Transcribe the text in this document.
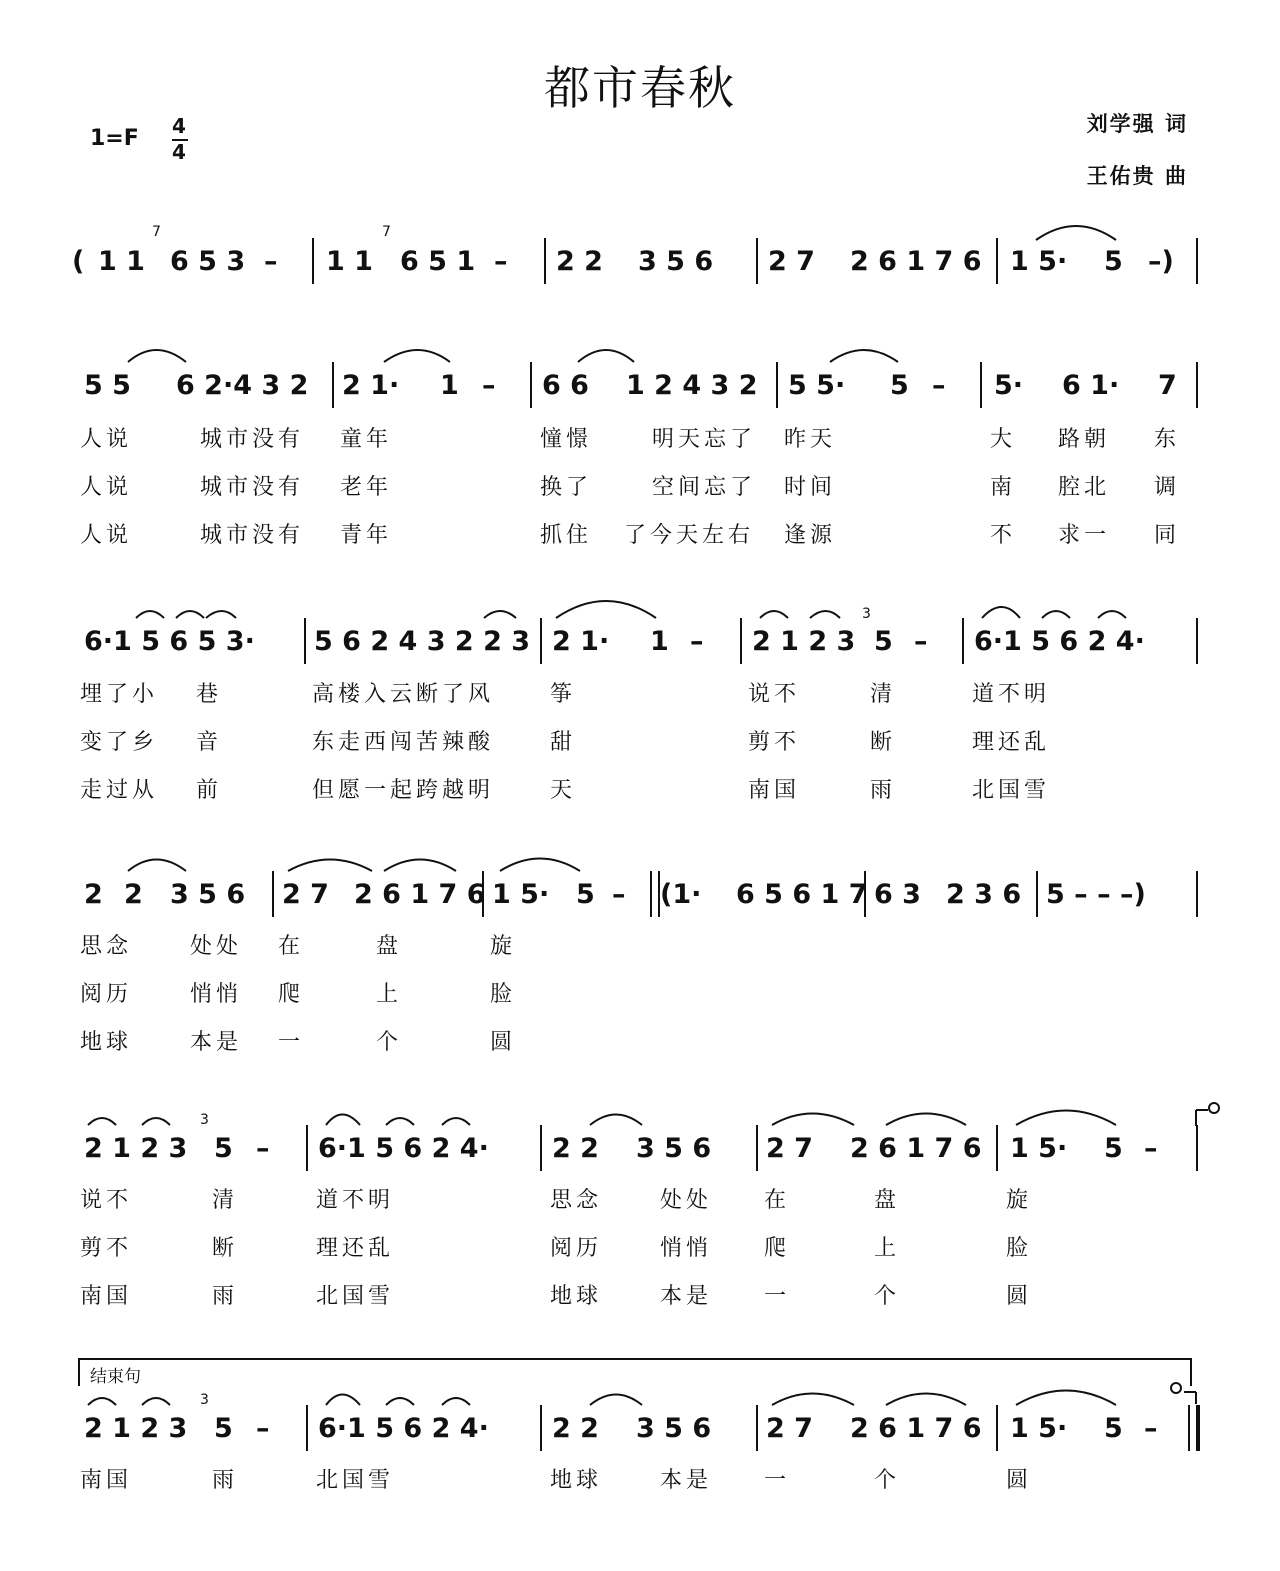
都市春秋
1=F 4
4
刘学强 词
王佑贵 曲
( 1 1 6 5 3 – 1 1 6 5 1 – 2 2 3 5 6 2 7 2 6 1 7 6 1 5· 5 –)
7	7
5 5 6 2·4 3 2 2 1· 1 – 6 6 1 2 4 3 2 5 5· 5 – 5· 6 1· 7
人说	城市没有 童年	憧憬	明天忘了 昨天	大 路朝 东
人说	城市没有 老年	换了	空间忘了 时间	南 腔北 调
人说	城市没有 青年	抓住 了今天左右 逢源	不 求一 同
6·1 5 6 5 3· 5 6 2 4 3 2 2 3 2 1· 1 – 2 1 2 3 5 – 6·1 5 6 2 4·
3
埋了小 巷	高楼入云断了风	筝	说不	清	道不明
变了乡 音	东走西闯苦辣酸	甜	剪不	断	理还乱
走过从 前	但愿一起跨越明	天	南国	雨	北国雪
2 2 3 5 6 2 7 2 6 1 7 6 1 5· 5 – (1· 6 5 6 1 7 6 3 2 3 6 5 – – –)
思念	处处 在	盘	旋
阅历	悄悄 爬	上	脸
地球	本是 一	个	圆
2 1 2 3 5 – 6·1 5 6 2 4· 2 2 3 5 6 2 7 2 6 1 7 6 1 5· 5 –
3
说不	清	道不明	思念	处处 在	盘	旋
剪不	断	理还乱	阅历	悄悄 爬	上	脸
南国	雨	北国雪	地球	本是 一	个	圆
结束句
2 1 2 3 5 – 6·1 5 6 2 4· 2 2 3 5 6 2 7 2 6 1 7 6 1 5· 5 –
3
南国	雨	北国雪	地球	本是 一	个	圆
